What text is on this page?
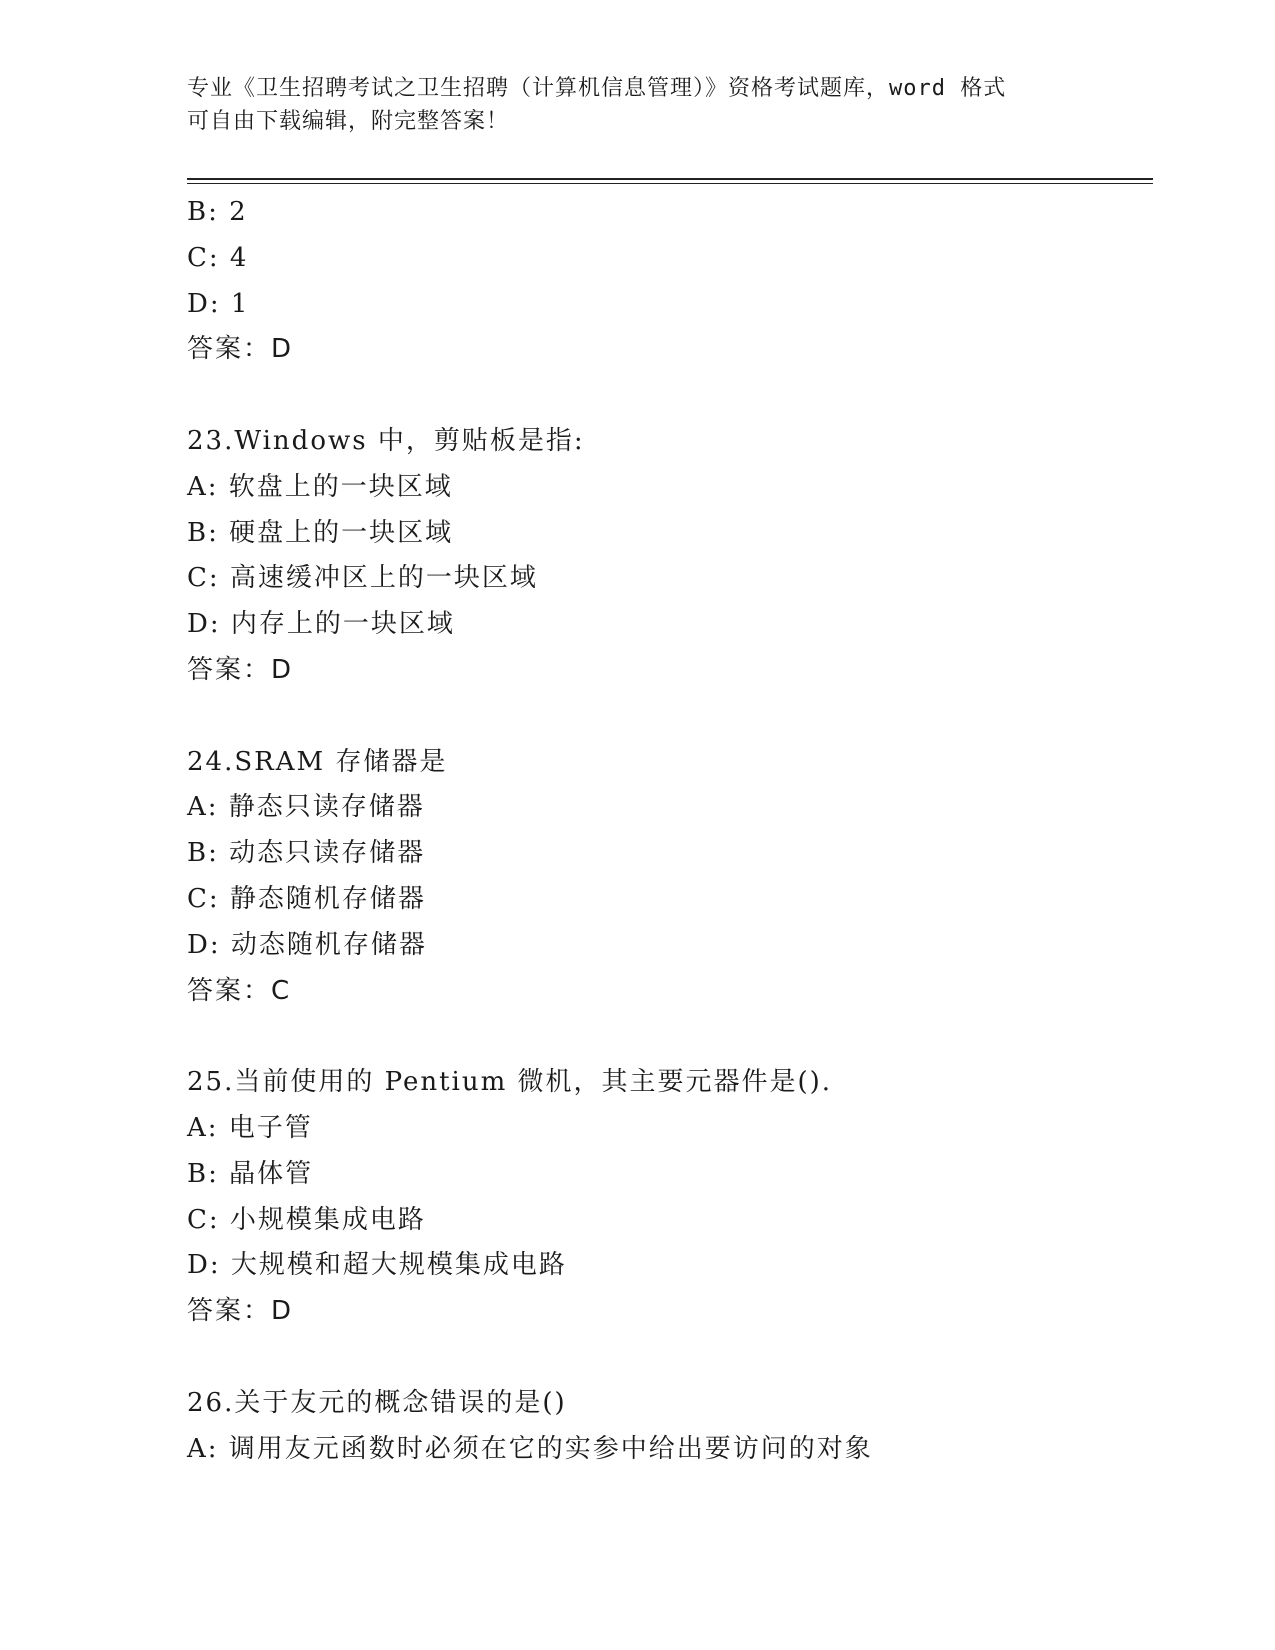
专业《卫生招聘考试之卫生招聘（计算机信息管理）》资格考试题库，word 格式
可自由下载编辑，附完整答案！
B: 2
C: 4
D: 1
答案：D
23.Windows 中，剪贴板是指:
A: 软盘上的一块区域
B: 硬盘上的一块区域
C: 高速缓冲区上的一块区域
D: 内存上的一块区域
答案：D
24.SRAM 存储器是
A: 静态只读存储器
B: 动态只读存储器
C: 静态随机存储器
D: 动态随机存储器
答案：C
25.当前使用的 Pentium 微机，其主要元器件是().
A: 电子管
B: 晶体管
C: 小规模集成电路
D: 大规模和超大规模集成电路
答案：D
26.关于友元的概念错误的是()
A: 调用友元函数时必须在它的实参中给出要访问的对象
